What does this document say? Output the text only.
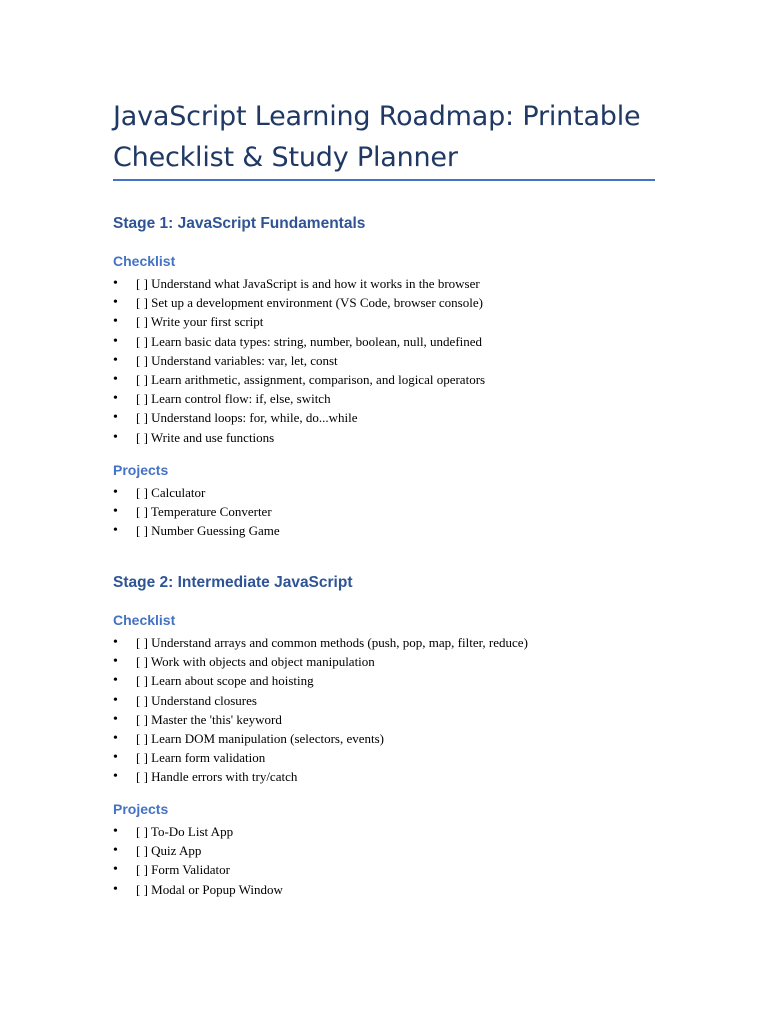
JavaScript Learning Roadmap: Printable Checklist & Study Planner
Stage 1: JavaScript Fundamentals
Checklist
• [ ] Understand what JavaScript is and how it works in the browser
• [ ] Set up a development environment (VS Code, browser console)
• [ ] Write your first script
• [ ] Learn basic data types: string, number, boolean, null, undefined
• [ ] Understand variables: var, let, const
• [ ] Learn arithmetic, assignment, comparison, and logical operators
• [ ] Learn control flow: if, else, switch
• [ ] Understand loops: for, while, do...while
• [ ] Write and use functions
Projects
• [ ] Calculator
• [ ] Temperature Converter
• [ ] Number Guessing Game
Stage 2: Intermediate JavaScript
Checklist
• [ ] Understand arrays and common methods (push, pop, map, filter, reduce)
• [ ] Work with objects and object manipulation
• [ ] Learn about scope and hoisting
• [ ] Understand closures
• [ ] Master the 'this' keyword
• [ ] Learn DOM manipulation (selectors, events)
• [ ] Learn form validation
• [ ] Handle errors with try/catch
Projects
• [ ] To-Do List App
• [ ] Quiz App
• [ ] Form Validator
• [ ] Modal or Popup Window
